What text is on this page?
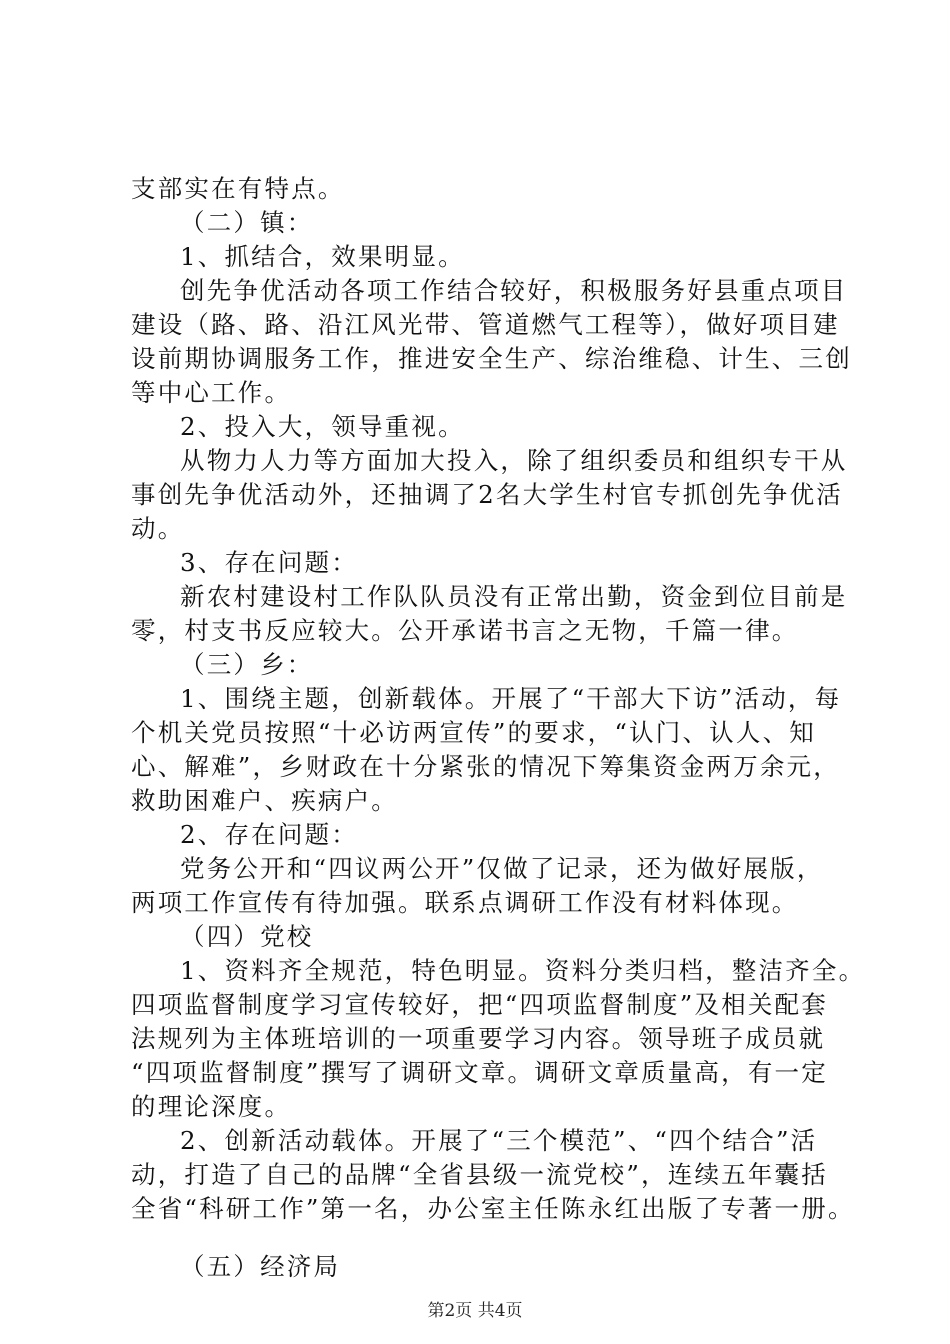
支部实在有特点。
（二）镇：
1、抓结合，效果明显。
创先争优活动各项工作结合较好，积极服务好县重点项目
建设（路、路、沿江风光带、管道燃气工程等），做好项目建
设前期协调服务工作，推进安全生产、综治维稳、计生、三创
等中心工作。
2、投入大，领导重视。
从物力人力等方面加大投入，除了组织委员和组织专干从
事创先争优活动外，还抽调了2名大学生村官专抓创先争优活
动。
3、存在问题：
新农村建设村工作队队员没有正常出勤，资金到位目前是
零，村支书反应较大。公开承诺书言之无物，千篇一律。
（三）乡：
1、围绕主题，创新载体。开展了“干部大下访”活动，每
个机关党员按照“十必访两宣传”的要求，“认门、认人、知
心、解难”，乡财政在十分紧张的情况下筹集资金两万余元，
救助困难户、疾病户。
2、存在问题：
党务公开和“四议两公开”仅做了记录，还为做好展版，
两项工作宣传有待加强。联系点调研工作没有材料体现。
（四）党校
1、资料齐全规范，特色明显。资料分类归档，整洁齐全。
四项监督制度学习宣传较好，把“四项监督制度”及相关配套
法规列为主体班培训的一项重要学习内容。领导班子成员就
“四项监督制度”撰写了调研文章。调研文章质量高，有一定
的理论深度。
2、创新活动载体。开展了“三个模范”、“四个结合”活
动，打造了自己的品牌“全省县级一流党校”，连续五年囊括
全省“科研工作”第一名，办公室主任陈永红出版了专著一册。
（五）经济局
第2页 共4页
